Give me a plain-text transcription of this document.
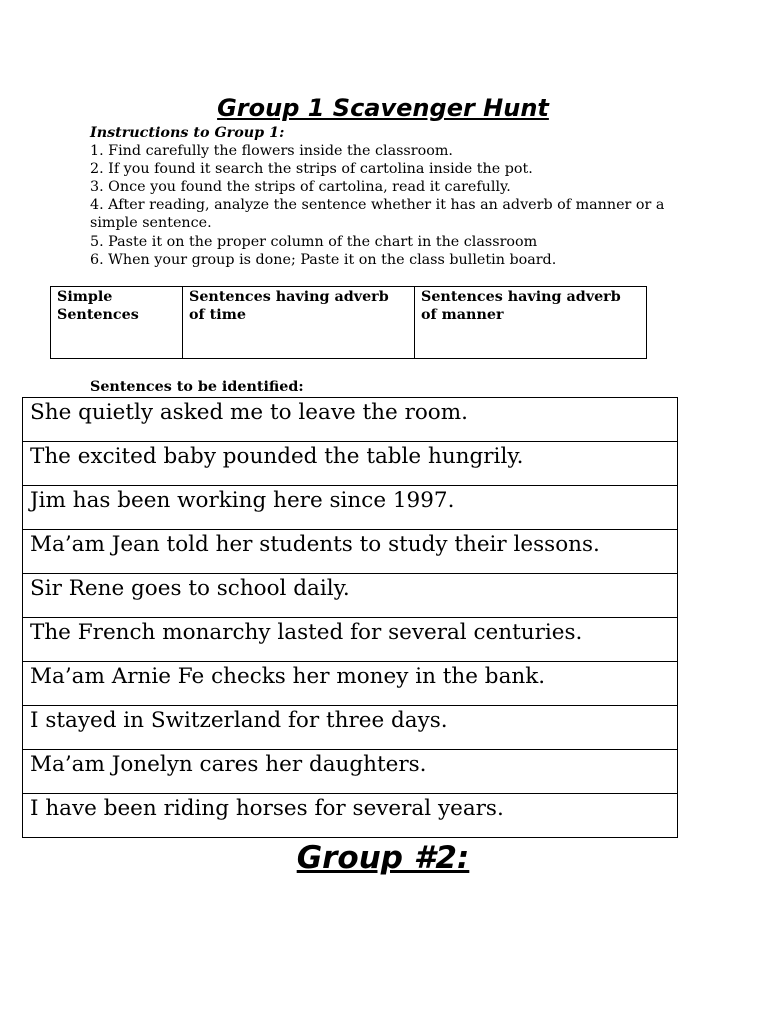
Group 1 Scavenger Hunt
Instructions to Group 1:
1. Find carefully the flowers inside the classroom.
2. If you found it search the strips of cartolina inside the pot.
3. Once you found the strips of cartolina, read it carefully.
4. After reading, analyze the sentence whether it has an adverb of manner or a simple sentence.
5. Paste it on the proper column of the chart in the classroom
6. When your group is done; Paste it on the class bulletin board.
Simple Sentences	Sentences having adverb of time	Sentences having adverb of manner
Sentences to be identified:
She quietly asked me to leave the room.
The excited baby pounded the table hungrily.
Jim has been working here since 1997.
Ma’am Jean told her students to study their lessons.
Sir Rene goes to school daily.
The French monarchy lasted for several centuries.
Ma’am Arnie Fe checks her money in the bank.
I stayed in Switzerland for three days.
Ma’am Jonelyn cares her daughters.
I have been riding horses for several years.
Group #2:
